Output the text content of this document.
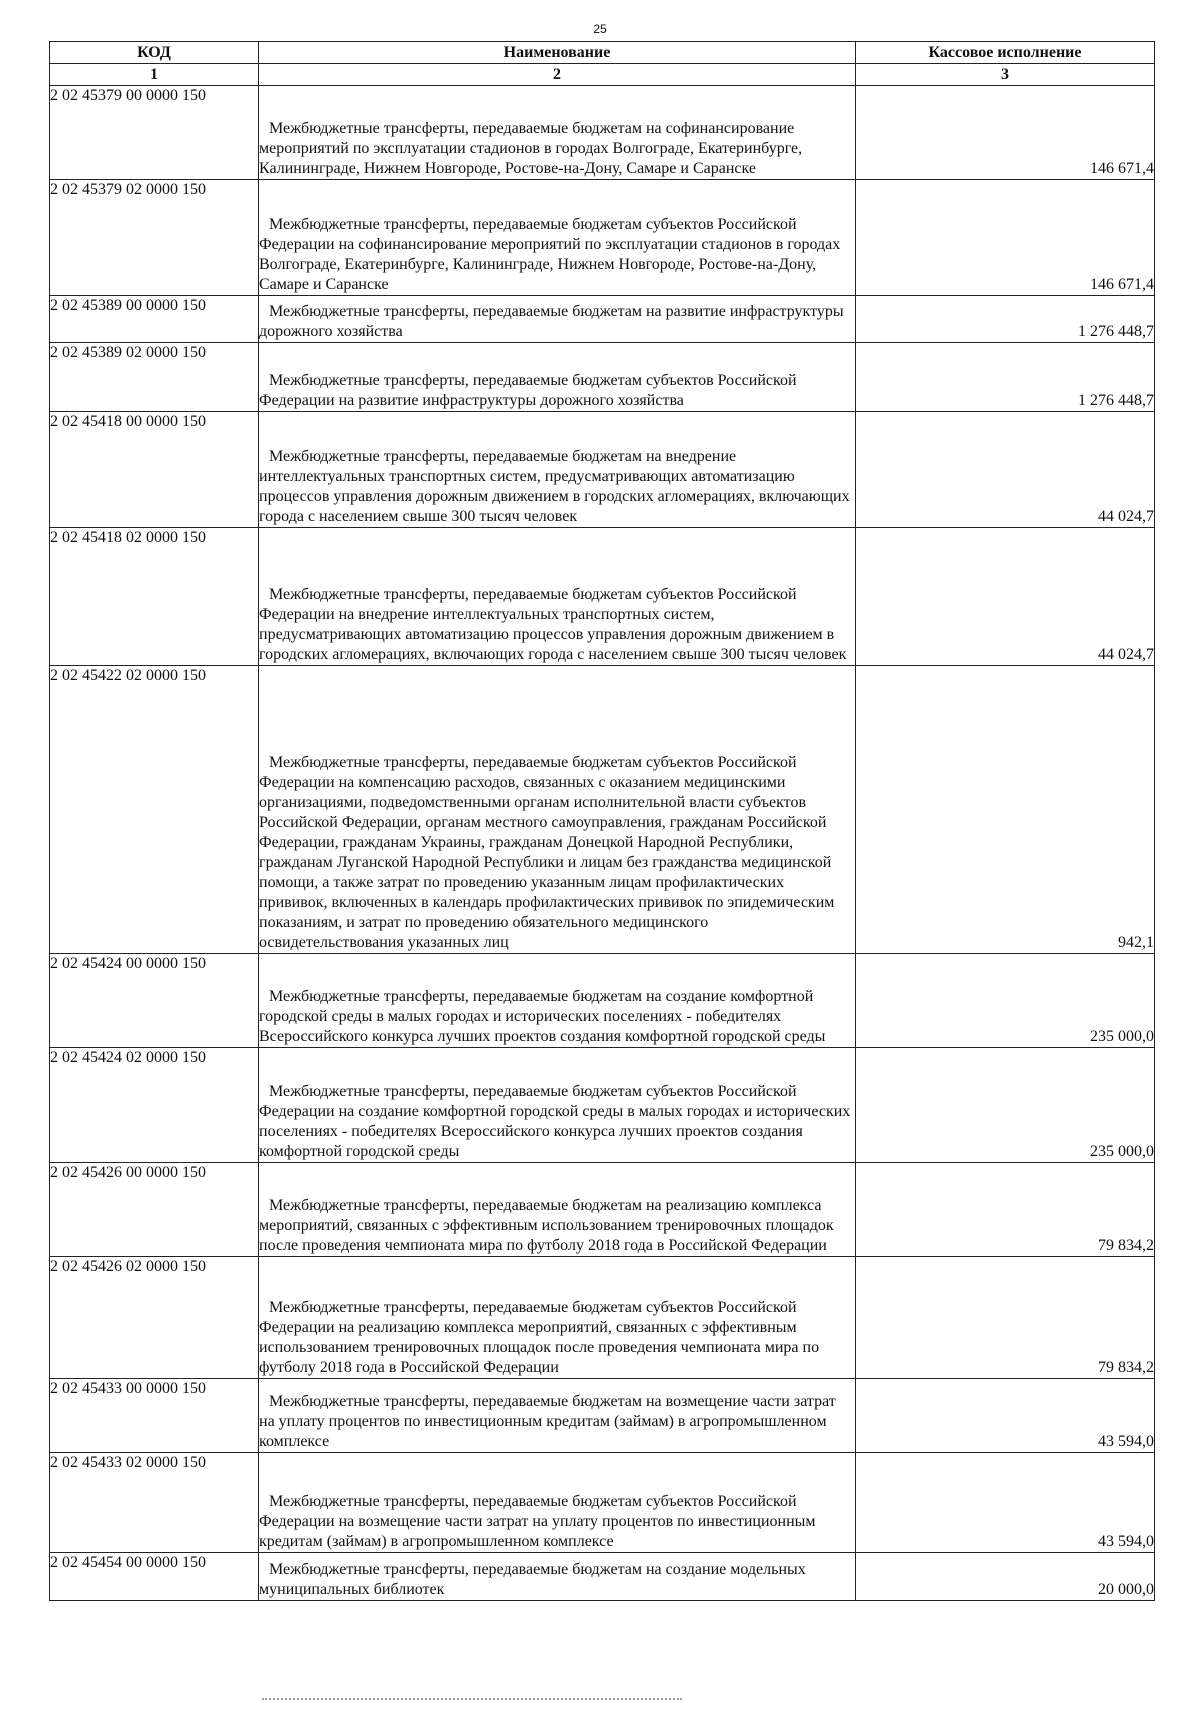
25
КОД	Наименование	Кассовое исполнение
1	2	3
2 02 45379 00 0000 150	Межбюджетные трансферты, передаваемые бюджетам на софинансирование мероприятий по эксплуатации стадионов в городах Волгограде, Екатеринбурге, Калининграде, Нижнем Новгороде, Ростове-на-Дону, Самаре и Саранске	146 671,4
2 02 45379 02 0000 150	Межбюджетные трансферты, передаваемые бюджетам субъектов Российской Федерации на софинансирование мероприятий по эксплуатации стадионов в городах Волгограде, Екатеринбурге, Калининграде, Нижнем Новгороде, Ростове-на-Дону, Самаре и Саранске	146 671,4
2 02 45389 00 0000 150	Межбюджетные трансферты, передаваемые бюджетам на развитие инфраструктуры дорожного хозяйства	1 276 448,7
2 02 45389 02 0000 150	Межбюджетные трансферты, передаваемые бюджетам субъектов Российской Федерации на развитие инфраструктуры дорожного хозяйства	1 276 448,7
2 02 45418 00 0000 150	Межбюджетные трансферты, передаваемые бюджетам на внедрение интеллектуальных транспортных систем, предусматривающих автоматизацию процессов управления дорожным движением в городских агломерациях, включающих города с населением свыше 300 тысяч человек	44 024,7
2 02 45418 02 0000 150	Межбюджетные трансферты, передаваемые бюджетам субъектов Российской Федерации на внедрение интеллектуальных транспортных систем, предусматривающих автоматизацию процессов управления дорожным движением в городских агломерациях, включающих города с населением свыше 300 тысяч человек	44 024,7
2 02 45422 02 0000 150	Межбюджетные трансферты, передаваемые бюджетам субъектов Российской Федерации на компенсацию расходов, связанных с оказанием медицинскими организациями, подведомственными органам исполнительной власти субъектов Российской Федерации, органам местного самоуправления, гражданам Российской Федерации, гражданам Украины, гражданам Донецкой Народной Республики, гражданам Луганской Народной Республики и лицам без гражданства медицинской помощи, а также затрат по проведению указанным лицам профилактических прививок, включенных в календарь профилактических прививок по эпидемическим показаниям, и затрат по проведению обязательного медицинского освидетельствования указанных лиц	942,1
2 02 45424 00 0000 150	Межбюджетные трансферты, передаваемые бюджетам на создание комфортной городской среды в малых городах и исторических поселениях - победителях Всероссийского конкурса лучших проектов создания комфортной городской среды	235 000,0
2 02 45424 02 0000 150	Межбюджетные трансферты, передаваемые бюджетам субъектов Российской Федерации на создание комфортной городской среды в малых городах и исторических поселениях - победителях Всероссийского конкурса лучших проектов создания комфортной городской среды	235 000,0
2 02 45426 00 0000 150	Межбюджетные трансферты, передаваемые бюджетам на реализацию комплекса мероприятий, связанных с эффективным использованием тренировочных площадок после проведения чемпионата мира по футболу 2018 года в Российской Федерации	79 834,2
2 02 45426 02 0000 150	Межбюджетные трансферты, передаваемые бюджетам субъектов Российской Федерации на реализацию комплекса мероприятий, связанных с эффективным использованием тренировочных площадок после проведения чемпионата мира по футболу 2018 года в Российской Федерации	79 834,2
2 02 45433 00 0000 150	Межбюджетные трансферты, передаваемые бюджетам на возмещение части затрат на уплату процентов по инвестиционным кредитам (займам) в агропромышленном комплексе	43 594,0
2 02 45433 02 0000 150	Межбюджетные трансферты, передаваемые бюджетам субъектов Российской Федерации на возмещение части затрат на уплату процентов по инвестиционным кредитам (займам) в агропромышленном комплексе	43 594,0
2 02 45454 00 0000 150	Межбюджетные трансферты, передаваемые бюджетам на создание модельных муниципальных библиотек	20 000,0
